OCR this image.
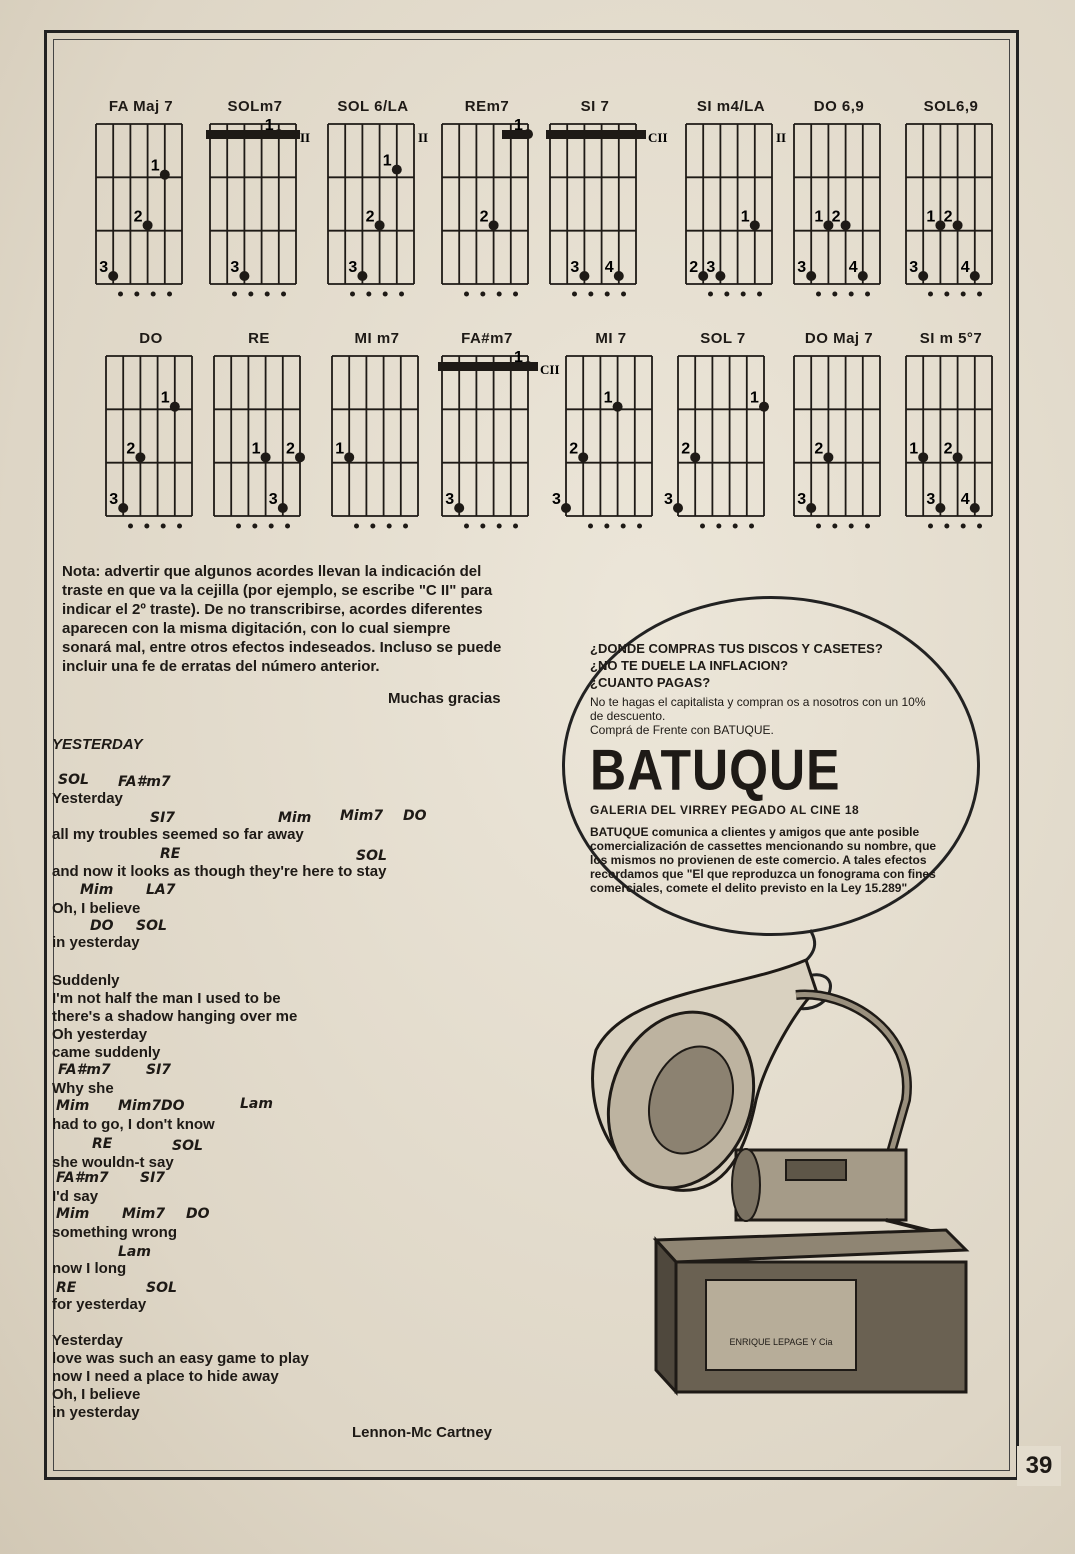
39
FA Maj 7
1
2
3
SOLm7
1
3
II
SOL 6/LA
1
2
3
II
REm7
1
2
SI 7
3 4
CII
SI m4/LA
1
2 3
II
DO 6,9
1 2
3	4
SOL6,9
1 2
3	4
DO
1
2
3
RE
1 2
3
MI m7
1
FA#m7
1
3
CII
MI 7
1
2
3
SOL 7
1
2
3
DO Maj 7
2
3
SI m 5°7
1 2
3 4
Nota: advertir que algunos acordes llevan la indicación del traste en que va la cejilla (por ejemplo, se escribe "C II" para indicar el 2º traste). De no transcribirse, acordes diferentes aparecen con la misma digitación, con lo cual siempre sonará mal, entre otros efectos indeseados. Incluso se puede incluir una fe de erratas del número anterior.
Muchas gracias
YESTERDAY
Yesterday
all my troubles seemed so far away
and now it looks as though they're here to stay
Oh, I believe
in yesterday
Suddenly
I'm not half the man I used to be
there's a shadow hanging over me
Oh yesterday
came suddenly
Why she
had to go, I don't know
she wouldn-t say
I'd say
something wrong
now I long
for yesterday
Yesterday
love was such an easy game to play
now I need a place to hide away
Oh, I believe
in yesterday
SOL FA#m7
SI7	Mim Mim7 DO
RE	SOL
Mim LA7
DO SOL
FA#m7	SI7
Mim Mim7DO	Lam
RE	SOL
FA#m7 SI7
Mim Mim7 DO
Lam
RE	SOL
Lennon-Mc Cartney
¿DONDE COMPRAS TUS DISCOS Y CASETES?
¿NO TE DUELE LA INFLACION?
¿CUANTO PAGAS?
No te hagas el capitalista y compran os a nosotros con un 10% de descuento.
Comprá de Frente con BATUQUE.
BATUQUE
GALERIA DEL VIRREY PEGADO AL CINE 18
BATUQUE comunica a clientes y amigos que ante posible comercialización de cassettes mencionando su nombre, que los mismos no provienen de este comercio. A tales efectos recordamos que "El que reproduzca un fonograma con fines comerciales, comete el delito previsto en la Ley 15.289".
ENRIQUE LEPAGE Y Cia
